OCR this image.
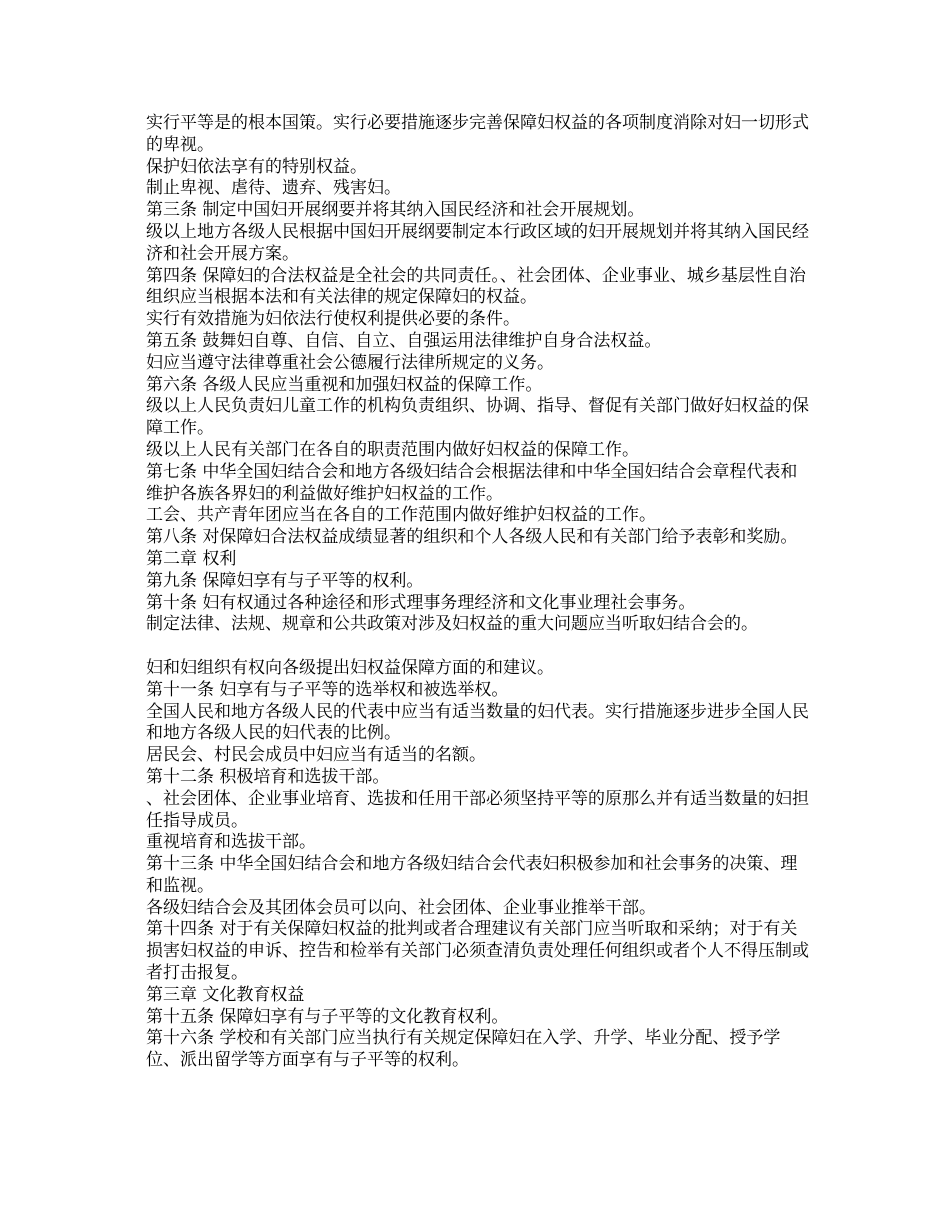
实行平等是的根本国策。实行必要措施逐步完善保障妇权益的各项制度消除对妇一切形式的卑视。

保护妇依法享有的特别权益。

制止卑视、虐待、遗弃、残害妇。

第三条 制定中国妇开展纲要并将其纳入国民经济和社会开展规划。

级以上地方各级人民根据中国妇开展纲要制定本行政区域的妇开展规划并将其纳入国民经济和社会开展方案。

第四条 保障妇的合法权益是全社会的共同责任。、社会团体、企业事业、城乡基层性自治组织应当根据本法和有关法律的规定保障妇的权益。

实行有效措施为妇依法行使权利提供必要的条件。

第五条 鼓舞妇自尊、自信、自立、自强运用法律维护自身合法权益。

妇应当遵守法律尊重社会公德履行法律所规定的义务。

第六条 各级人民应当重视和加强妇权益的保障工作。

级以上人民负责妇儿童工作的机构负责组织、协调、指导、督促有关部门做好妇权益的保障工作。

级以上人民有关部门在各自的职责范围内做好妇权益的保障工作。

第七条 中华全国妇结合会和地方各级妇结合会根据法律和中华全国妇结合会章程代表和维护各族各界妇的利益做好维护妇权益的工作。

工会、共产青年团应当在各自的工作范围内做好维护妇权益的工作。

第八条 对保障妇合法权益成绩显著的组织和个人各级人民和有关部门给予表彰和奖励。

第二章 权利

第九条 保障妇享有与子平等的权利。

第十条 妇有权通过各种途径和形式理事务理经济和文化事业理社会事务。

制定法律、法规、规章和公共政策对涉及妇权益的重大问题应当听取妇结合会的。

妇和妇组织有权向各级提出妇权益保障方面的和建议。

第十一条 妇享有与子平等的选举权和被选举权。

全国人民和地方各级人民的代表中应当有适当数量的妇代表。实行措施逐步进步全国人民和地方各级人民的妇代表的比例。

居民会、村民会成员中妇应当有适当的名额。

第十二条 积极培育和选拔干部。

、社会团体、企业事业培育、选拔和任用干部必须坚持平等的原那么并有适当数量的妇担任指导成员。

重视培育和选拔干部。

第十三条 中华全国妇结合会和地方各级妇结合会代表妇积极参加和社会事务的决策、理和监视。

各级妇结合会及其团体会员可以向、社会团体、企业事业推举干部。

第十四条 对于有关保障妇权益的批判或者合理建议有关部门应当听取和采纳；对于有关损害妇权益的申诉、控告和检举有关部门必须查清负责处理任何组织或者个人不得压制或者打击报复。

第三章 文化教育权益

第十五条 保障妇享有与子平等的文化教育权利。

第十六条 学校和有关部门应当执行有关规定保障妇在入学、升学、毕业分配、授予学位、派出留学等方面享有与子平等的权利。
